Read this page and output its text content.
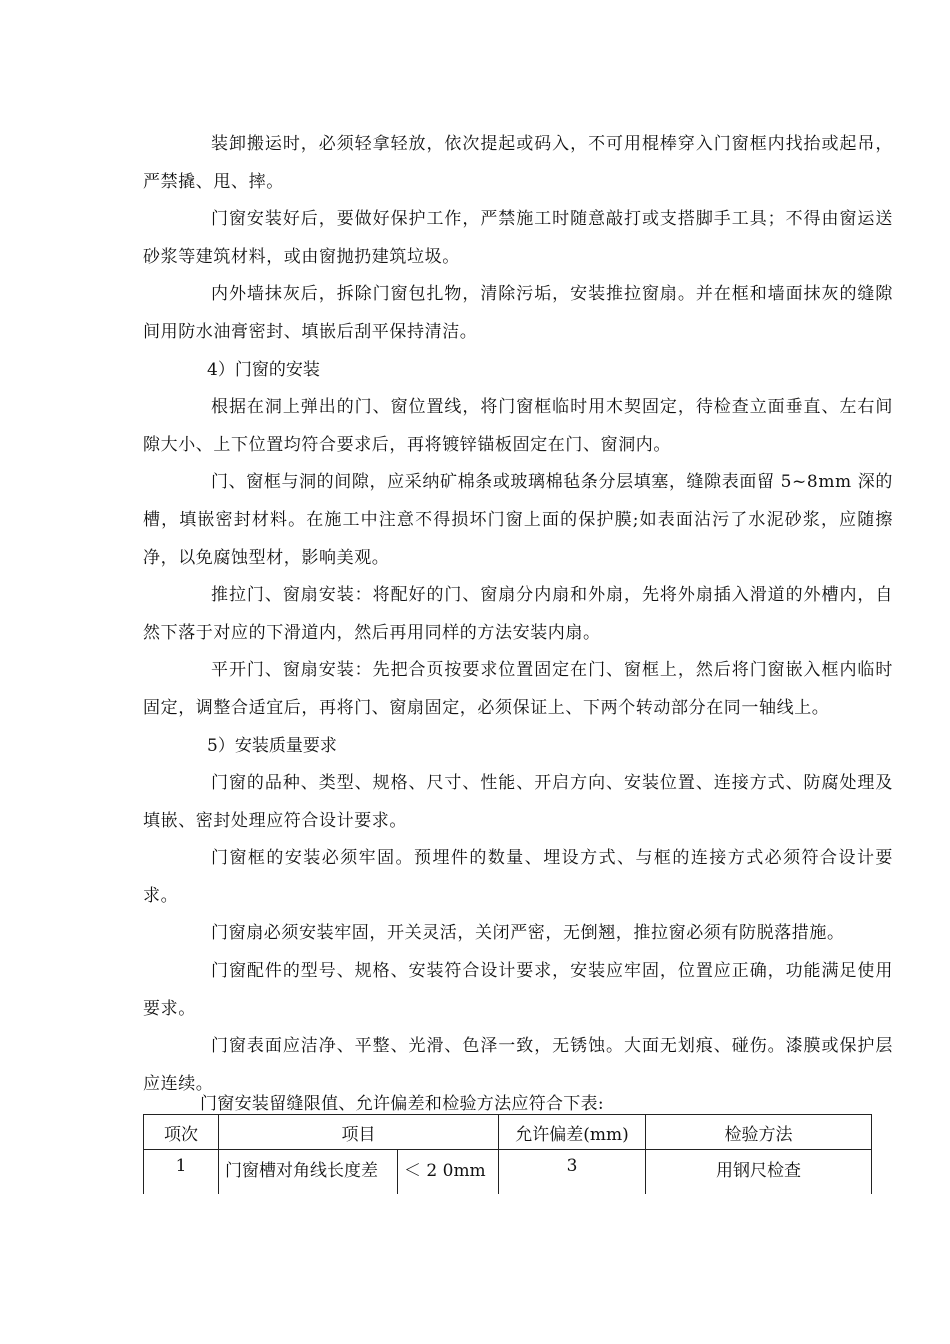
装卸搬运时，必须轻拿轻放，依次提起或码入，不可用棍棒穿入门窗框内找抬或起吊，严禁撬、甩、摔。

门窗安装好后，要做好保护工作，严禁施工时随意敲打或支搭脚手工具；不得由窗运送砂浆等建筑材料，或由窗抛扔建筑垃圾。

内外墙抹灰后，拆除门窗包扎物，清除污垢，安装推拉窗扇。并在框和墙面抹灰的缝隙间用防水油膏密封、填嵌后刮平保持清洁。

4）门窗的安装

根据在洞上弹出的门、窗位置线，将门窗框临时用木契固定，待检查立面垂直、左右间隙大小、上下位置均符合要求后，再将镀锌锚板固定在门、窗洞内。

门、窗框与洞的间隙，应采纳矿棉条或玻璃棉毡条分层填塞，缝隙表面留 5~8mm 深的槽，填嵌密封材料。在施工中注意不得损坏门窗上面的保护膜;如表面沾污了水泥砂浆，应随擦净，以免腐蚀型材，影响美观。

推拉门、窗扇安装：将配好的门、窗扇分内扇和外扇，先将外扇插入滑道的外槽内，自然下落于对应的下滑道内，然后再用同样的方法安装内扇。

平开门、窗扇安装：先把合页按要求位置固定在门、窗框上，然后将门窗嵌入框内临时固定，调整合适宜后，再将门、窗扇固定，必须保证上、下两个转动部分在同一轴线上。

5）安装质量要求

门窗的品种、类型、规格、尺寸、性能、开启方向、安装位置、连接方式、防腐处理及填嵌、密封处理应符合设计要求。

门窗框的安装必须牢固。预埋件的数量、埋设方式、与框的连接方式必须符合设计要求。

门窗扇必须安装牢固，开关灵活，关闭严密，无倒翘，推拉窗必须有防脱落措施。

门窗配件的型号、规格、安装符合设计要求，安装应牢固，位置应正确，功能满足使用要求。

门窗表面应洁净、平整、光滑、色泽一致，无锈蚀。大面无划痕、碰伤。漆膜或保护层应连续。

门窗安装留缝限值、允许偏差和检验方法应符合下表:
项次	项目		允许偏差(mm)	检验方法
1	门窗槽对角线长度差	＜ 2 0mm	3	用钢尺检查
